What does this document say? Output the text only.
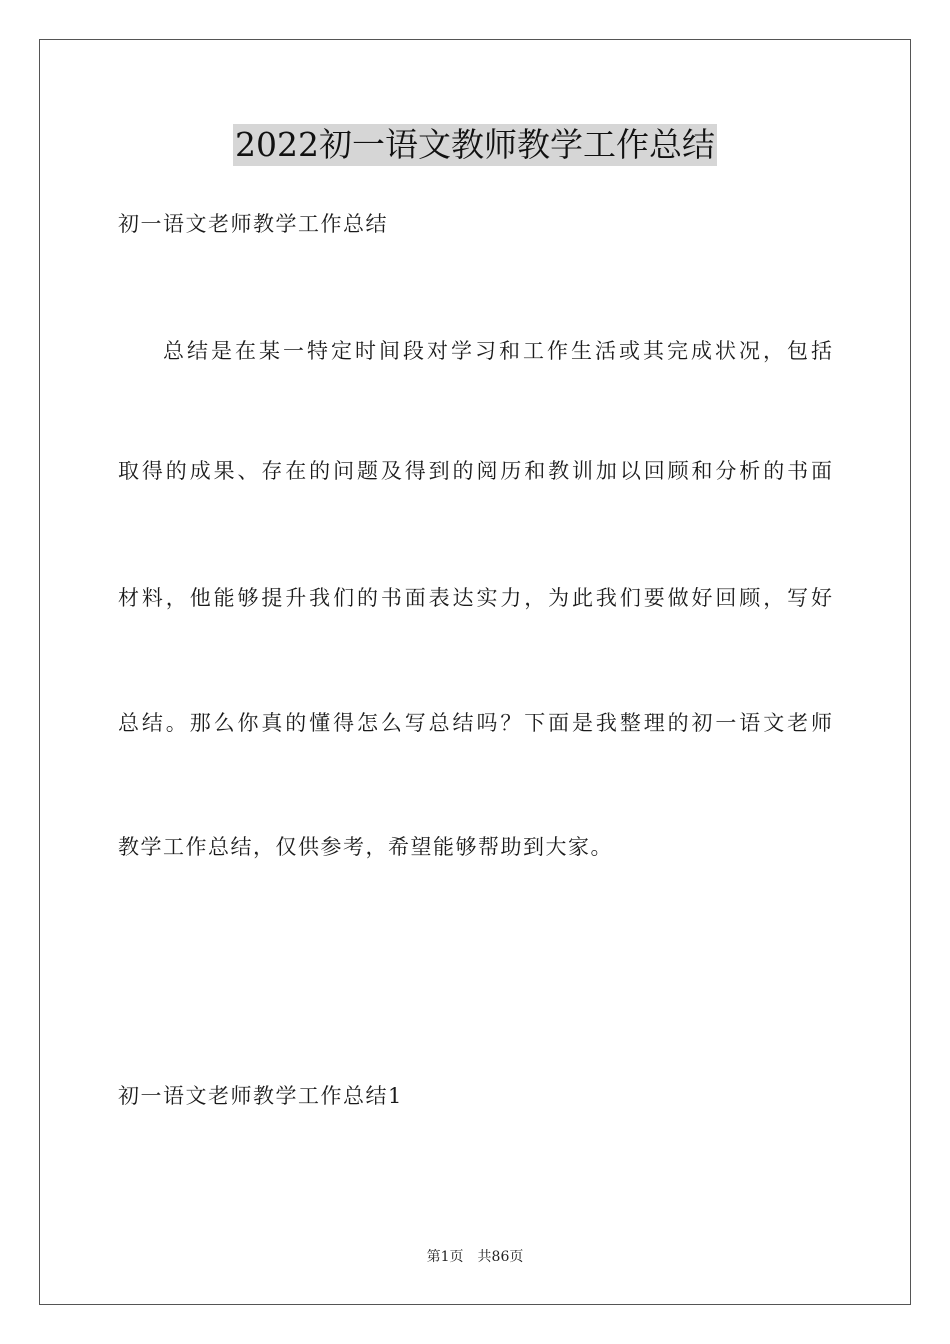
2022初一语文教师教学工作总结
初一语文老师教学工作总结
总结是在某一特定时间段对学习和工作生活或其完成状况，包括
取得的成果、存在的问题及得到的阅历和教训加以回顾和分析的书面
材料，他能够提升我们的书面表达实力，为此我们要做好回顾，写好
总结。那么你真的懂得怎么写总结吗？下面是我整理的初一语文老师
教学工作总结，仅供参考，希望能够帮助到大家。
初一语文老师教学工作总结1
第1页 共86页
